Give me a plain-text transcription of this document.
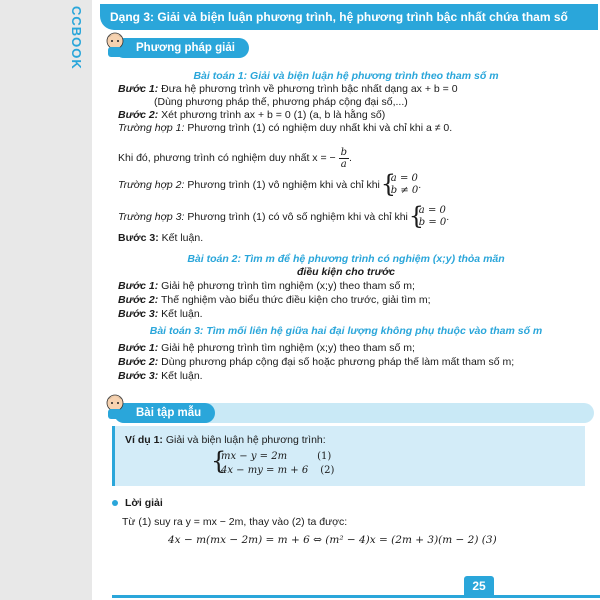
CCBOOK	Dạng 3: Giải và biện luận phương trình, hệ phương trình bậc nhất chứa tham số
Phương pháp giải
Bài toán 1: Giải và biện luận hệ phương trình theo tham số m
Bước 1: Đưa hệ phương trình về phương trình bậc nhất dạng ax + b = 0
(Dùng phương pháp thế, phương pháp cộng đại số,...)
Bước 2: Xét phương trình ax + b = 0 (1) (a, b là hằng số)
Trường hợp 1: Phương trình (1) có nghiệm duy nhất khi và chỉ khi a ≠ 0.
Khi đó, phương trình có nghiệm duy nhất x = − $\frac{b}{a}$ .
Trường hợp 2: Phương trình (1) vô nghiệm khi và chỉ khi
{ a = 0
b ≠ 0 .
Trường hợp 3: Phương trình (1) có vô số nghiệm khi và chỉ khi
{ a = 0
b = 0 .
Bước 3: Kết luận.
Bài toán 2: Tìm m để hệ phương trình có nghiệm (x;y) thỏa mãn
điều kiện cho trước
Bước 1: Giải hệ phương trình tìm nghiệm (x;y) theo tham số m;
Bước 2: Thế nghiệm vào biểu thức điều kiện cho trước, giải tìm m;
Bước 3: Kết luận.
Bài toán 3: Tìm mối liên hệ giữa hai đại lượng không phụ thuộc vào tham số m
Bước 1: Giải hệ phương trình tìm nghiệm (x;y) theo tham số m;
Bước 2: Dùng phương pháp cộng đại số hoặc phương pháp thế làm mất tham số m;
Bước 3: Kết luận.
Bài tập mẫu
Ví dụ 1: Giải và biện luận hệ phương trình:
{ mx − y = 2m	(1)
4x − my = m + 6 (2)
Lời giải
Từ (1) suy ra y = mx − 2m, thay vào (2) ta được:
4x − m(mx − 2m) = m + 6 ⇔ (m² − 4)x = (2m + 3)(m − 2) (3)
25
